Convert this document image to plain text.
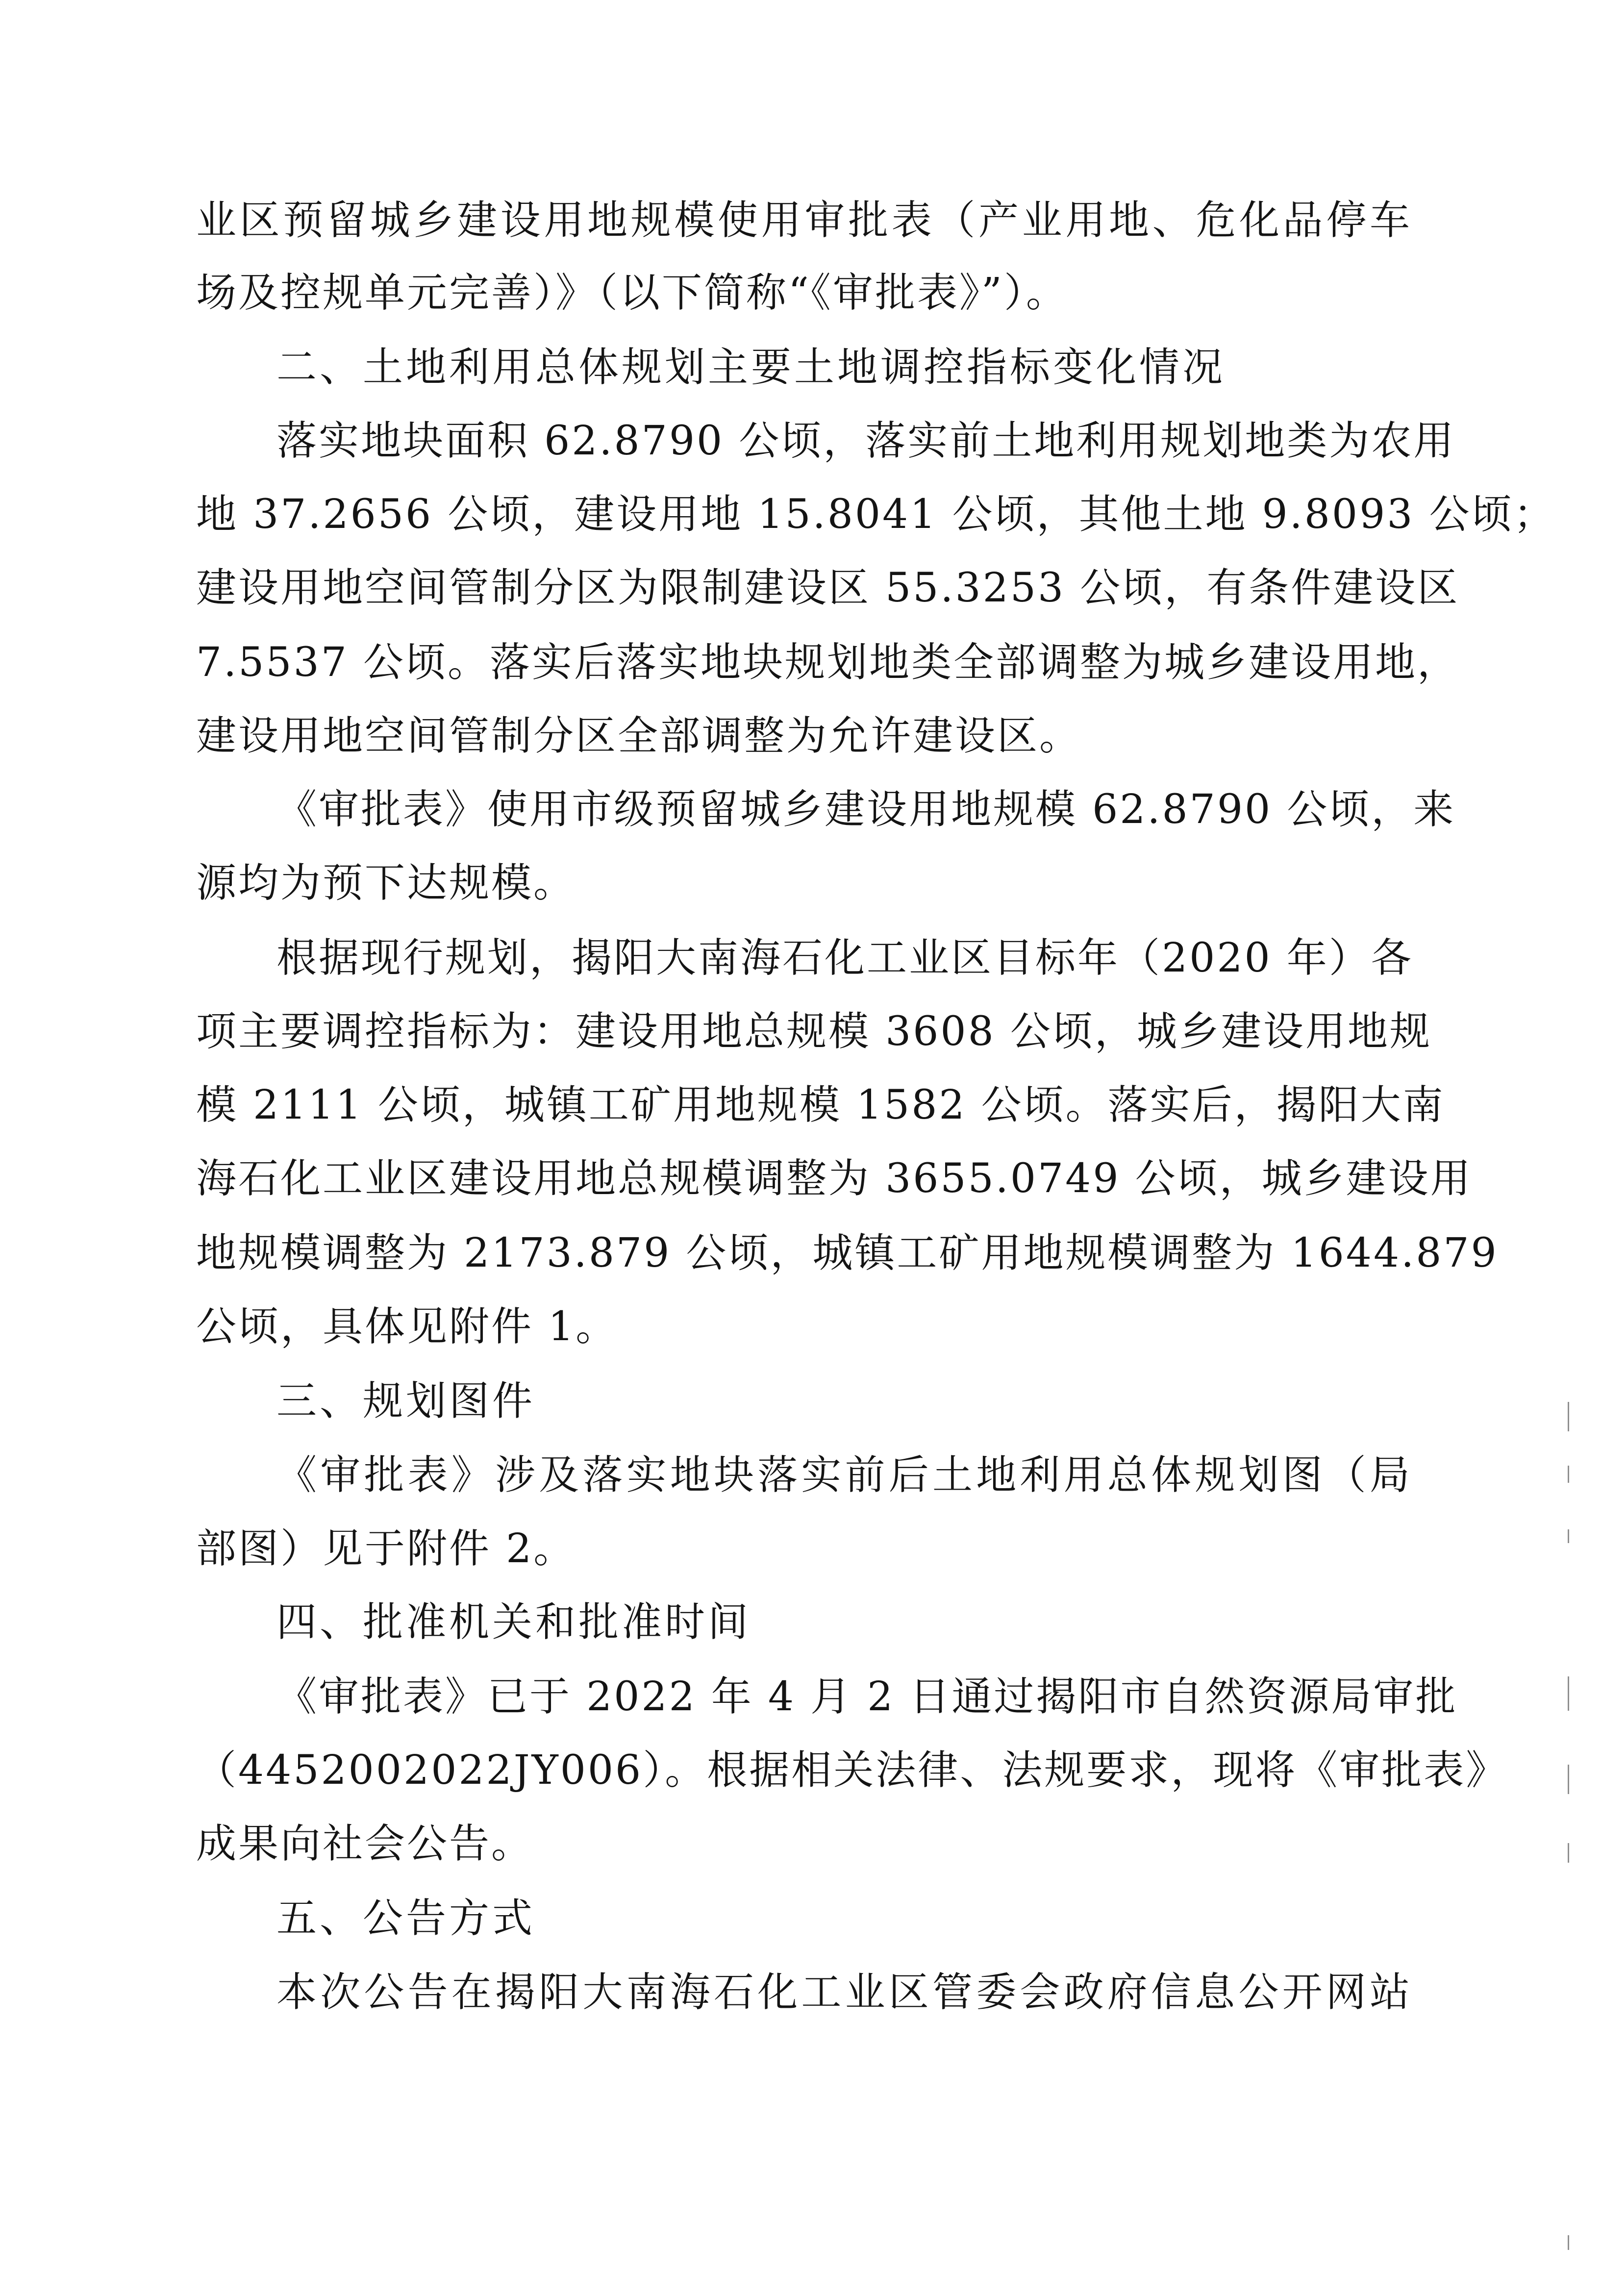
业区预留城乡建设用地规模使用审批表（产业用地、危化品停车
场及控规单元完善）》（以下简称“《审批表》”）。
二、土地利用总体规划主要土地调控指标变化情况
落实地块面积 62.8790 公顷，落实前土地利用规划地类为农用
地 37.2656 公顷，建设用地 15.8041 公顷，其他土地 9.8093 公顷；
建设用地空间管制分区为限制建设区 55.3253 公顷，有条件建设区
7.5537 公顷。落实后落实地块规划地类全部调整为城乡建设用地，
建设用地空间管制分区全部调整为允许建设区。
《审批表》使用市级预留城乡建设用地规模 62.8790 公顷，来
源均为预下达规模。
根据现行规划，揭阳大南海石化工业区目标年（2020 年）各
项主要调控指标为：建设用地总规模 3608 公顷，城乡建设用地规
模 2111 公顷，城镇工矿用地规模 1582 公顷。落实后，揭阳大南
海石化工业区建设用地总规模调整为 3655.0749 公顷，城乡建设用
地规模调整为 2173.879 公顷，城镇工矿用地规模调整为 1644.879
公顷，具体见附件 1。
三、规划图件
《审批表》涉及落实地块落实前后土地利用总体规划图（局
部图）见于附件 2。
四、批准机关和批准时间
《审批表》已于 2022 年 4 月 2 日通过揭阳市自然资源局审批
（4452002022JY006）。根据相关法律、法规要求，现将《审批表》
成果向社会公告。
五、公告方式
本次公告在揭阳大南海石化工业区管委会政府信息公开网站
